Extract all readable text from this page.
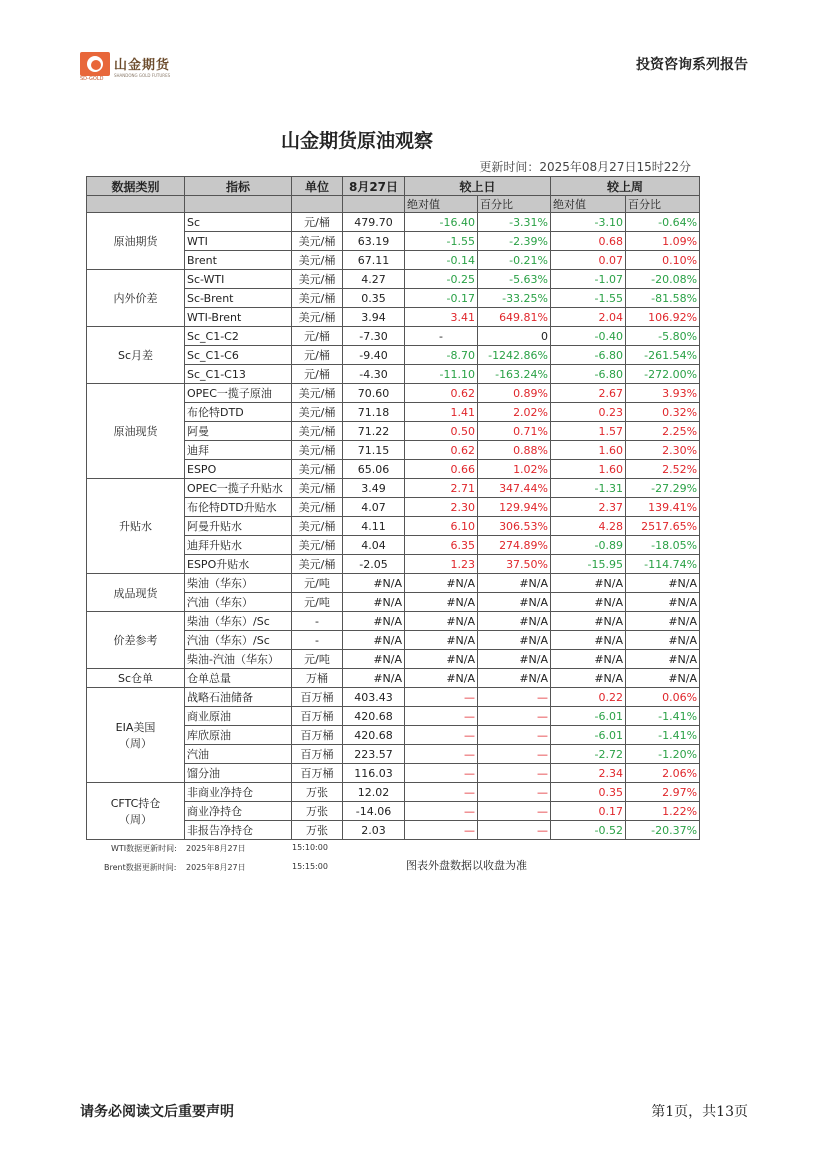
SD-GOLD
山金期货
SHANDONG GOLD FUTURES
投资咨询系列报告
山金期货原油观察
更新时间：2025年08月27日15时22分
数据类别	指标	单位	8月27日	较上日		较上周	
				绝对值	百分比	绝对值	百分比
原油期货	Sc	元/桶	479.70	-16.40	-3.31%	-3.10	-0.64%
	WTI	美元/桶	63.19	-1.55	-2.39%	0.68	1.09%
	Brent	美元/桶	67.11	-0.14	-0.21%	0.07	0.10%
内外价差	Sc-WTI	美元/桶	4.27	-0.25	-5.63%	-1.07	-20.08%
	Sc-Brent	美元/桶	0.35	-0.17	-33.25%	-1.55	-81.58%
	WTI-Brent	美元/桶	3.94	3.41	649.81%	2.04	106.92%
Sc月差	Sc_C1-C2	元/桶	-7.30	-	0	-0.40	-5.80%
	Sc_C1-C6	元/桶	-9.40	-8.70	-1242.86%	-6.80	-261.54%
	Sc_C1-C13	元/桶	-4.30	-11.10	-163.24%	-6.80	-272.00%
原油现货	OPEC一揽子原油	美元/桶	70.60	0.62	0.89%	2.67	3.93%
	布伦特DTD	美元/桶	71.18	1.41	2.02%	0.23	0.32%
	阿曼	美元/桶	71.22	0.50	0.71%	1.57	2.25%
	迪拜	美元/桶	71.15	0.62	0.88%	1.60	2.30%
	ESPO	美元/桶	65.06	0.66	1.02%	1.60	2.52%
升贴水	OPEC一揽子升贴水	美元/桶	3.49	2.71	347.44%	-1.31	-27.29%
	布伦特DTD升贴水	美元/桶	4.07	2.30	129.94%	2.37	139.41%
	阿曼升贴水	美元/桶	4.11	6.10	306.53%	4.28	2517.65%
	迪拜升贴水	美元/桶	4.04	6.35	274.89%	-0.89	-18.05%
	ESPO升贴水	美元/桶	-2.05	1.23	37.50%	-15.95	-114.74%
成品现货	柴油（华东）	元/吨	#N/A	#N/A	#N/A	#N/A	#N/A
	汽油（华东）	元/吨	#N/A	#N/A	#N/A	#N/A	#N/A
价差参考	柴油（华东）/Sc	-	#N/A	#N/A	#N/A	#N/A	#N/A
	汽油（华东）/Sc	-	#N/A	#N/A	#N/A	#N/A	#N/A
	柴油-汽油（华东）	元/吨	#N/A	#N/A	#N/A	#N/A	#N/A
Sc仓单	仓单总量	万桶	#N/A	#N/A	#N/A	#N/A	#N/A
EIA美国
（周）	战略石油储备	百万桶	403.43	—	—	0.22	0.06%
	商业原油	百万桶	420.68	—	—	-6.01	-1.41%
	库欣原油	百万桶	420.68	—	—	-6.01	-1.41%
	汽油	百万桶	223.57	—	—	-2.72	-1.20%
	馏分油	百万桶	116.03	—	—	2.34	2.06%
CFTC持仓
（周）	非商业净持仓	万张	12.02	—	—	0.35	2.97%
	商业净持仓	万张	-14.06	—	—	0.17	1.22%
	非报告净持仓	万张	2.03	—	—	-0.52	-20.37%
WTI数据更新时间: 2025年8月27日	15:10:00
Brent数据更新时间: 2025年8月27日	15:15:00	图表外盘数据以收盘为准
请务必阅读文后重要声明	第1页，共13页
